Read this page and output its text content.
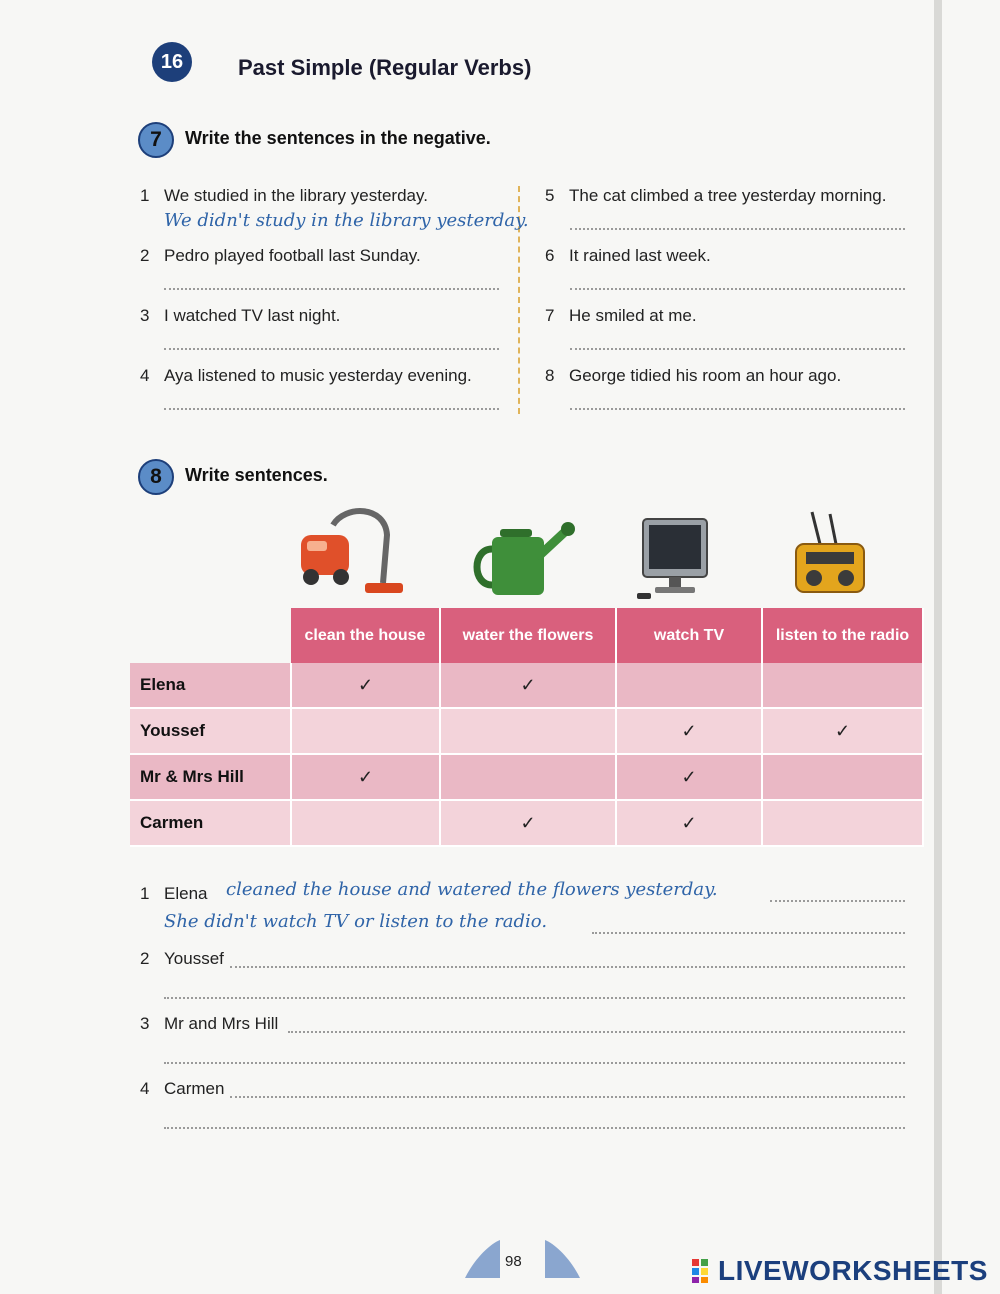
16	Past Simple (Regular Verbs)
7	Write the sentences in the negative.
1 We studied in the library yesterday.
We didn't study in the library yesterday.
2 Pedro played football last Sunday.
3 I watched TV last night.
4 Aya listened to music yesterday evening.
5 The cat climbed a tree yesterday morning.
6 It rained last week.
7 He smiled at me.
8 George tidied his room an hour ago.
8	Write sentences.
	clean the house	water the flowers	watch TV	listen to the radio
Elena	✓	✓		
Youssef			✓	✓
Mr & Mrs Hill	✓		✓	
Carmen		✓	✓	
1 Elena cleaned the house and watered the flowers yesterday.
She didn't watch TV or listen to the radio.
2 Youssef
3 Mr and Mrs Hill
4 Carmen
98	LIVEWORKSHEETS
